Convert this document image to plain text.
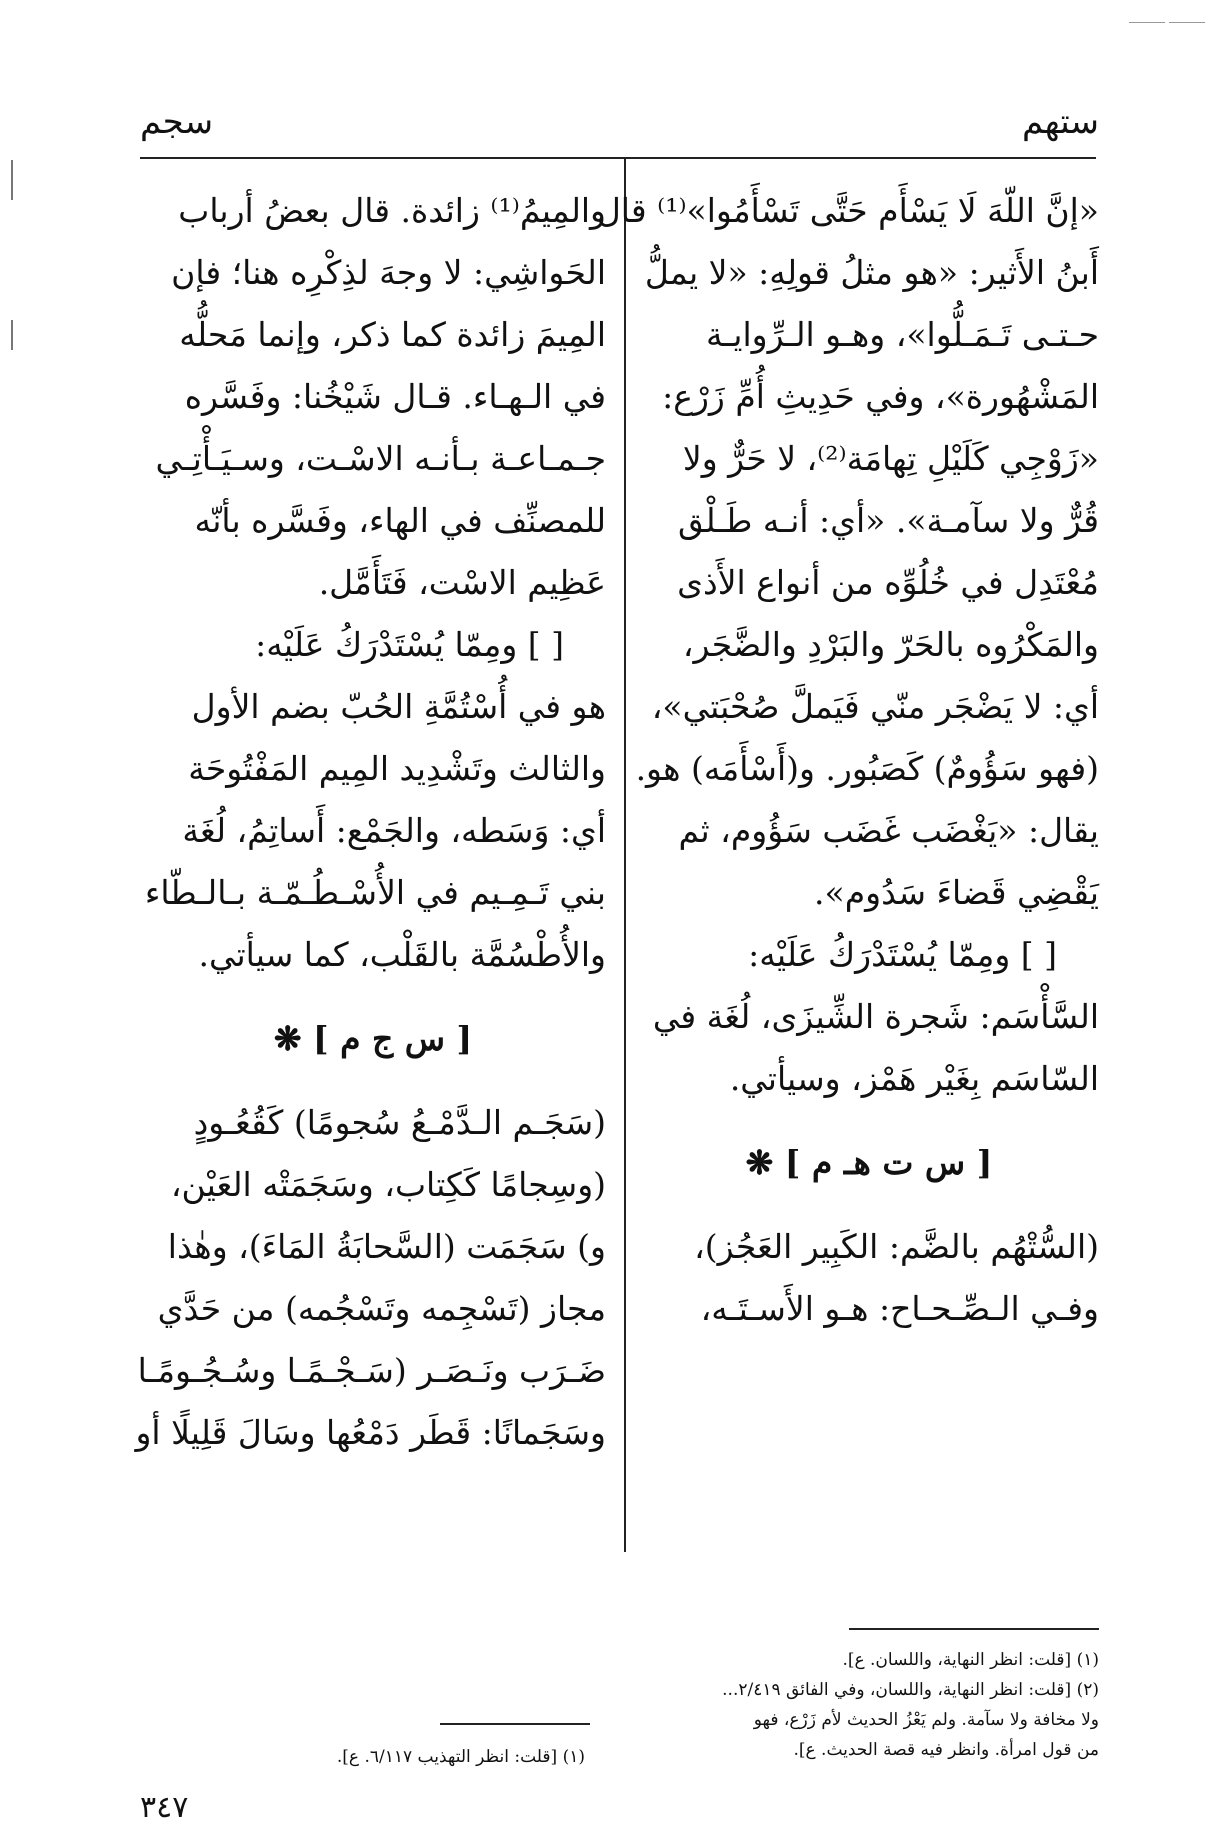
ستهم
سجم
«إنَّ اللّهَ لَا يَسْأَم حَتَّى تَسْأَمُوا»⁽¹⁾ قال
أَبنُ الأَثير: «هو مثلُ قولِهِ: «لا يملُّ
حـتـى تَـمَـلُّوا»، وهـو الـرِّوايـة
المَشْهُورة»، وفي حَدِيثِ أُمِّ زَرْع:
«زَوْجِي كَلَيْلِ تِهامَة⁽²⁾، لا حَرٌّ ولا
قُرٌّ ولا سآمـة». «أي: أنـه طَـلْق
مُعْتَدِل في خُلُوِّه من أنواع الأَذى
والمَكْرُوه بالحَرّ والبَرْدِ والضَّجَر،
أي: لا يَضْجَر منّي فَيَملَّ صُحْبَتي»،
(فهو سَؤُومٌ) كَصَبُور. و(أَسْأَمَه) هو.
يقال: «يَغْضَب غَضَب سَؤُوم، ثم
يَقْضِي قَضاءَ سَدُوم».
[ ] ومِمّا يُسْتَدْرَكُ عَلَيْه:
السَّأْسَم: شَجرة الشِّيزَى، لُغَة في
السّاسَم بِغَيْر هَمْز، وسيأتي.
[ س ت هـ م ] ❋
(السُّتْهُم بالضَّم: الكَبِير العَجُز)،
وفـي الـصِّـحـاح: هـو الأَسـتَـه،
(١) [قلت: انظر النهاية، واللسان. ع].
(٢) [قلت: انظر النهاية، واللسان، وفي الفائق ٢/٤١٩...
ولا مخافة ولا سآمة. ولم يَعْزُ الحديث لأم زَرْع، فهو
من قول امرأة. وانظر فيه قصة الحديث. ع].
والمِيمُ⁽¹⁾ زائدة. قال بعضُ أرباب
الحَواشِي: لا وجهَ لذِكْرِه هنا؛ فإن
المِيمَ زائدة كما ذكر، وإنما مَحلُّه
في الـهـاء. قـال شَيْخُنا: وفَسَّره
جـمـاعـة بـأنـه الاسْـت، وسـيَـأْتِـي
للمصنِّف في الهاء، وفَسَّره بأنّه
عَظِيم الاسْت، فَتَأَمَّل.
[ ] ومِمّا يُسْتَدْرَكُ عَلَيْه:
هو في أُسْتُمَّةِ الحُبّ بضم الأول
والثالث وتَشْدِيد المِيم المَفْتُوحَة
أي: وَسَطه، والجَمْع: أَساتِمُ، لُغَة
بني تَـمِـيم في الأُسْـطُـمّـة بـالـطّاء
والأُطْسُمَّة بالقَلْب، كما سيأتي.
[ س ج م ] ❋
(سَجَـم الـدَّمْـعُ سُجومًا) كَقُعُـودٍ
(وسِجامًا كَكِتاب، وسَجَمَتْه العَيْن،
و) سَجَمَت (السَّحابَةُ المَاءَ)، وهٰذا
مجاز (تَسْجِمه وتَسْجُمه) من حَدَّي
ضَـرَب ونَـصَـر (سَـجْـمًـا وسُـجُـومًـا
وسَجَمانًا: قَطَر دَمْعُها وسَالَ قَلِيلًا أو
(١) [قلت: انظر التهذيب ٦/١١٧. ع].
٣٤٧
